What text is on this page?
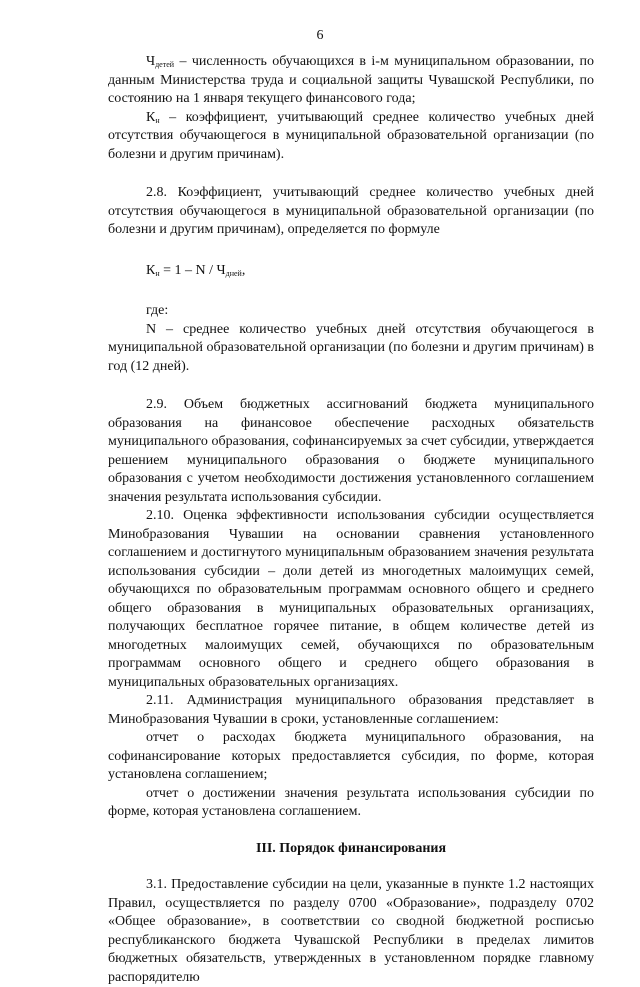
6

$Ч_{детей}$ – численность обучающихся в i-м муниципальном образовании, по данным Министерства труда и социальной защиты Чувашской Республики, по состоянию на 1 января текущего финансового года;

$К_н$ – коэффициент, учитывающий среднее количество учебных дней отсутствия обучающегося в муниципальной образовательной организации (по болезни и другим причинам).

2.8. Коэффициент, учитывающий среднее количество учебных дней отсутствия обучающегося в муниципальной образовательной организации (по болезни и другим причинам), определяется по формуле

$К_н = 1 - N / Ч_{дней}$,

где:

N – среднее количество учебных дней отсутствия обучающегося в муниципальной образовательной организации (по болезни и другим причинам) в год (12 дней).

2.9. Объем бюджетных ассигнований бюджета муниципального образования на финансовое обеспечение расходных обязательств муниципального образования, софинансируемых за счет субсидии, утверждается решением муниципального образования о бюджете муниципального образования с учетом необходимости достижения установленного соглашением значения результата использования субсидии.

2.10. Оценка эффективности использования субсидии осуществляется Минобразования Чувашии на основании сравнения установленного соглашением и достигнутого муниципальным образованием значения результата использования субсидии – доли детей из многодетных малоимущих семей, обучающихся по образовательным программам основного общего и среднего общего образования в муниципальных образовательных организациях, получающих бесплатное горячее питание, в общем количестве детей из многодетных малоимущих семей, обучающихся по образовательным программам основного общего и среднего общего образования в муниципальных образовательных организациях.

2.11. Администрация муниципального образования представляет в Минобразования Чувашии в сроки, установленные соглашением:

отчет о расходах бюджета муниципального образования, на софинансирование которых предоставляется субсидия, по форме, которая установлена соглашением;

отчет о достижении значения результата использования субсидии по форме, которая установлена соглашением.

III. Порядок финансирования

3.1. Предоставление субсидии на цели, указанные в пункте 1.2 настоящих Правил, осуществляется по разделу 0700 «Образование», подразделу 0702 «Общее образование», в соответствии со сводной бюджетной росписью республиканского бюджета Чувашской Республики в пределах лимитов бюджетных обязательств, утвержденных в установленном порядке главному распорядителю
